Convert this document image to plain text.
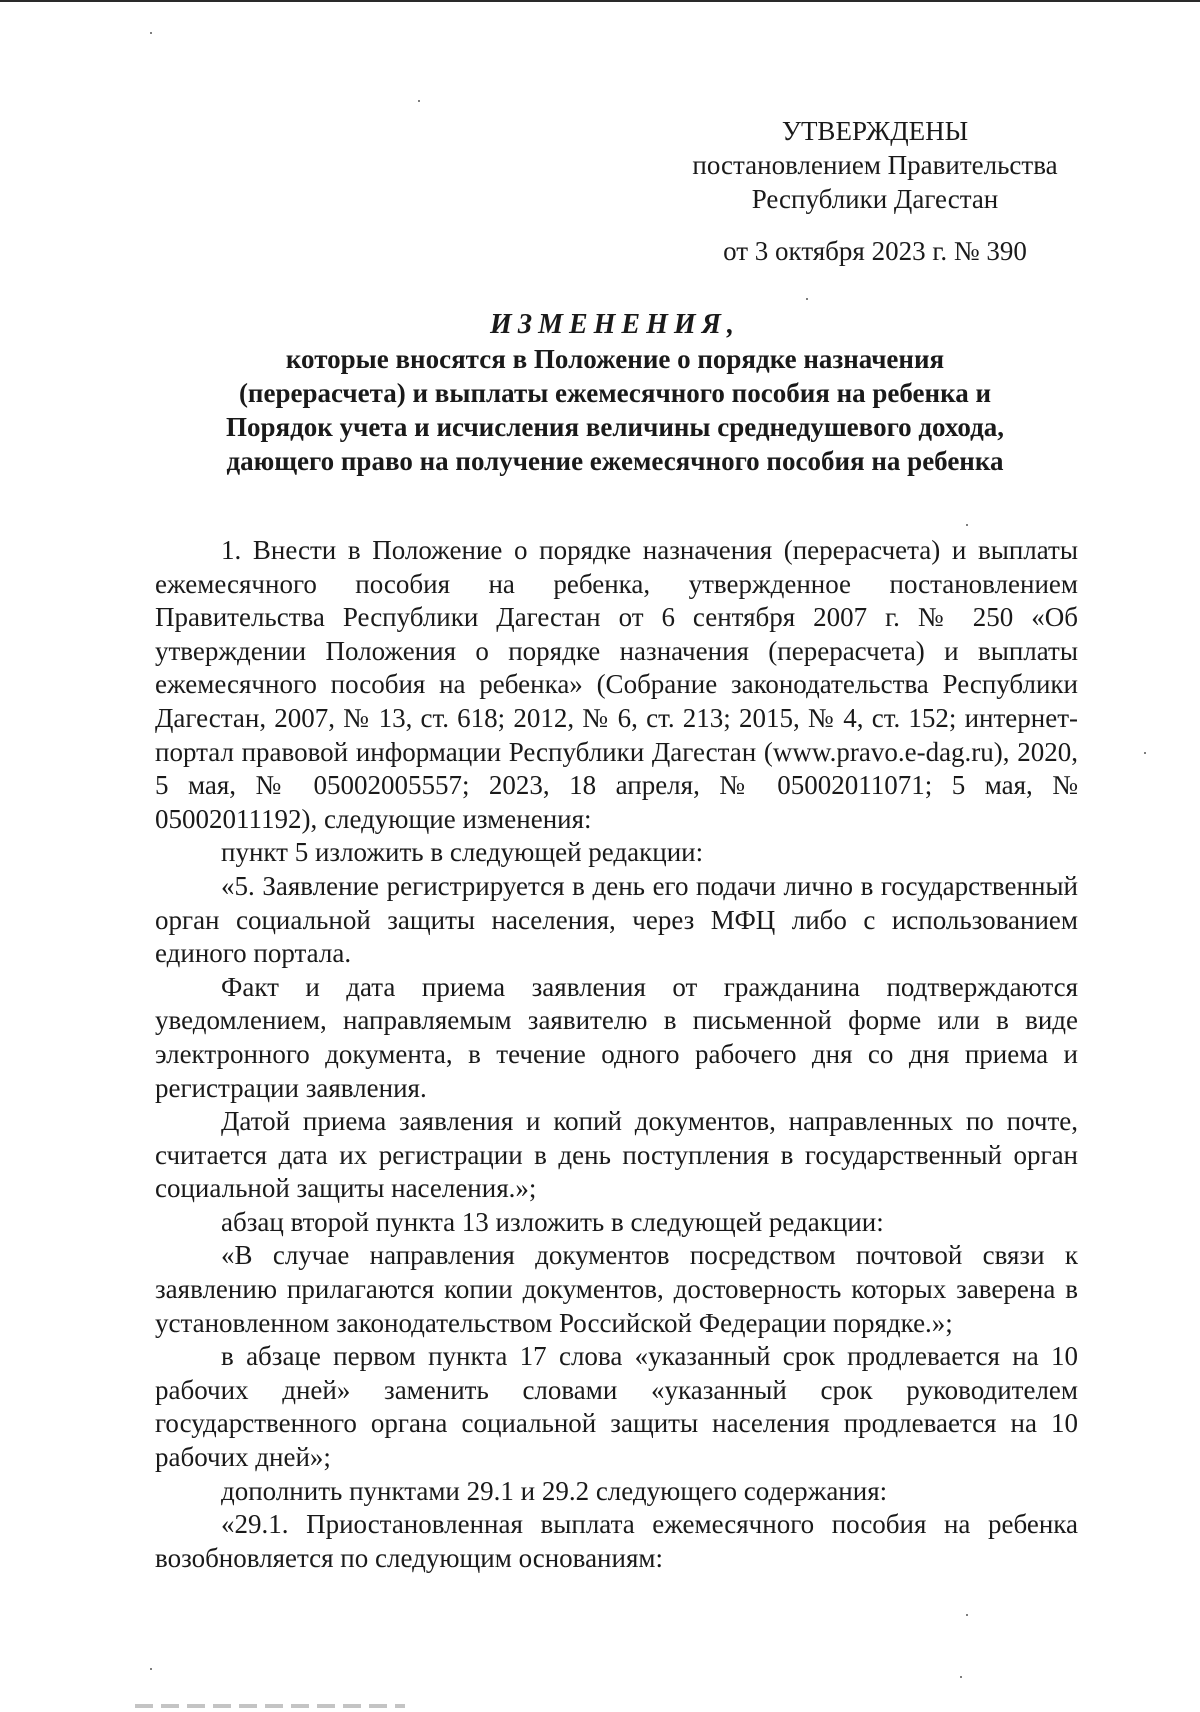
УТВЕРЖДЕНЫ
постановлением Правительства
Республики Дагестан
от 3 октября 2023 г. № 390
ИЗМЕНЕНИЯ,
которые вносятся в Положение о порядке назначения
(перерасчета) и выплаты ежемесячного пособия на ребенка и
Порядок учета и исчисления величины среднедушевого дохода,
дающего право на получение ежемесячного пособия на ребенка

1. Внести в Положение о порядке назначения (перерасчета) и выплаты ежемесячного пособия на ребенка, утвержденное постановлением Правительства Республики Дагестан от 6 сентября 2007 г. № 250 «Об утверждении Положения о порядке назначения (перерасчета) и выплаты ежемесячного пособия на ребенка» (Собрание законодательства Республики Дагестан, 2007, № 13, ст. 618; 2012, № 6, ст. 213; 2015, № 4, ст. 152; интернет-портал правовой информации Республики Дагестан (www.pravo.e-dag.ru), 2020, 5 мая, № 05002005557; 2023, 18 апреля, № 05002011071; 5 мая, № 05002011192), следующие изменения:

пункт 5 изложить в следующей редакции:

«5. Заявление регистрируется в день его подачи лично в государственный орган социальной защиты населения, через МФЦ либо с использованием единого портала.

Факт и дата приема заявления от гражданина подтверждаются уведомлением, направляемым заявителю в письменной форме или в виде электронного документа, в течение одного рабочего дня со дня приема и регистрации заявления.

Датой приема заявления и копий документов, направленных по почте, считается дата их регистрации в день поступления в государственный орган социальной защиты населения.»;

абзац второй пункта 13 изложить в следующей редакции:

«В случае направления документов посредством почтовой связи к заявлению прилагаются копии документов, достоверность которых заверена в установленном законодательством Российской Федерации порядке.»;

в абзаце первом пункта 17 слова «указанный срок продлевается на 10 рабочих дней» заменить словами «указанный срок руководителем государственного органа социальной защиты населения продлевается на 10 рабочих дней»;

дополнить пунктами 29.1 и 29.2 следующего содержания:

«29.1. Приостановленная выплата ежемесячного пособия на ребенка возобновляется по следующим основаниям:
